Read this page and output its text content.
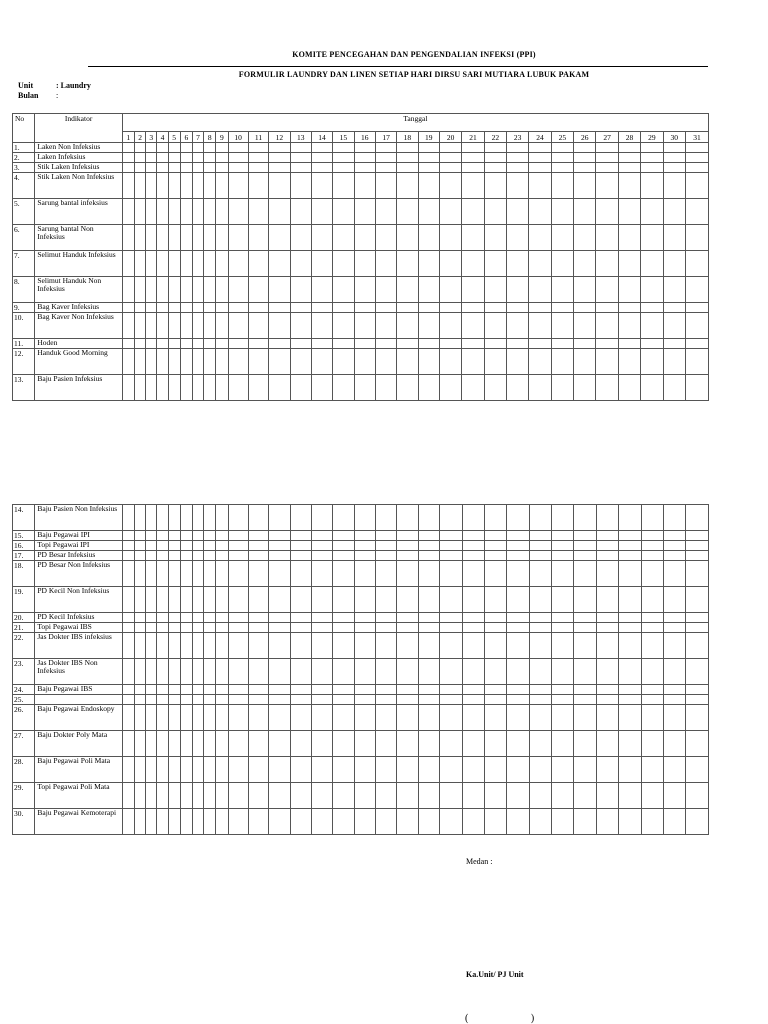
KOMITE PENCEGAHAN DAN PENGENDALIAN INFEKSI (PPI)
FORMULIR LAUNDRY DAN LINEN SETIAP HARI DIRSU SARI MUTIARA LUBUK PAKAM
Unit	: Laundry
Bulan :
No	Indikator	Tanggal																														
		1	2	3	4	5	6	7	8	9	10	11	12	13	14	15	16	17	18	19	20	21	22	23	24	25	26	27	28	29	30	31
1.	Laken Non Infeksius																															
2.	Laken Infeksius																															
3.	Stik Laken Infeksius																															
4.	Stik Laken Non Infeksius																															
5.	Sarung bantal infeksius																															
6.	Sarung bantal Non Infeksius																															
7.	Selimut Handuk Infeksius																															
8.	Selimut Handuk Non Infeksius																															
9.	Bag Kaver Infeksius																															
10.	Bag Kaver Non Infeksius																															
11.	Hoden																															
12.	Handuk Good Morning																															
13.	Baju Pasien Infeksius																															
14.	Baju Pasien Non Infeksius																															
15.	Baju Pegawai IPI																															
16.	Topi Pegawai IPI																															
17.	PD Besar Infeksius																															
18.	PD Besar Non Infeksius																															
19.	PD Kecil Non Infeksius																															
20.	PD Kecil Infeksius																															
21.	Topi Pegawai IBS																															
22.	Jas Dokter IBS infeksius																															
23.	Jas Dokter IBS Non Infeksius																															
24.	Baju Pegawai IBS																															
25.																																
26.	Baju Pegawai Endoskopy																															
27.	Baju Dokter Poly Mata																															
28.	Baju Pegawai Poli Mata																															
29.	Topi Pegawai Poli Mata																															
30.	Baju Pegawai Kemoterapi																															
Medan :
Ka.Unit/ PJ Unit
( )
